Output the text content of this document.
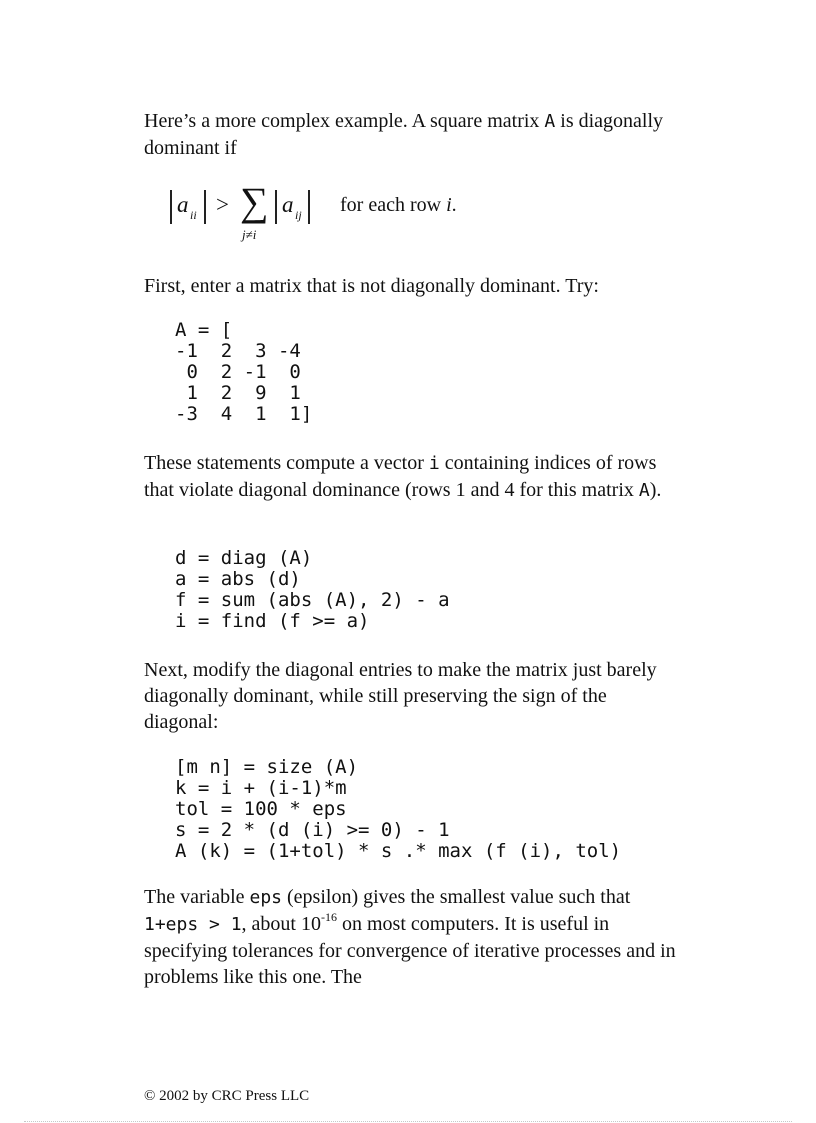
Here’s a more complex example. A square matrix A is diagonally dominant if

a ii > ∑
j≠i
a ij for each row i.

First, enter a matrix that is not diagonally dominant. Try:

A = [
-1  2  3 -4
0  2 -1  0
1  2  9  1
-3  4  1  1]

These statements compute a vector i containing indices of rows that violate diagonal dominance (rows 1 and 4 for this matrix A).

d = diag (A)
a = abs (d)
f = sum (abs (A), 2) - a
i = find (f >= a)

Next, modify the diagonal entries to make the matrix just barely diagonally dominant, while still preserving the sign of the diagonal:

[m n] = size (A)
k = i + (i-1)*m
tol = 100 * eps
s = 2 * (d (i) >= 0) - 1
A (k) = (1+tol) * s .* max (f (i), tol)

The variable eps (epsilon) gives the smallest value such that 1+eps > 1, about $10^{-16}$ on most computers. It is useful in specifying tolerances for convergence of iterative processes and in problems like this one. The

© 2002 by CRC Press LLC
